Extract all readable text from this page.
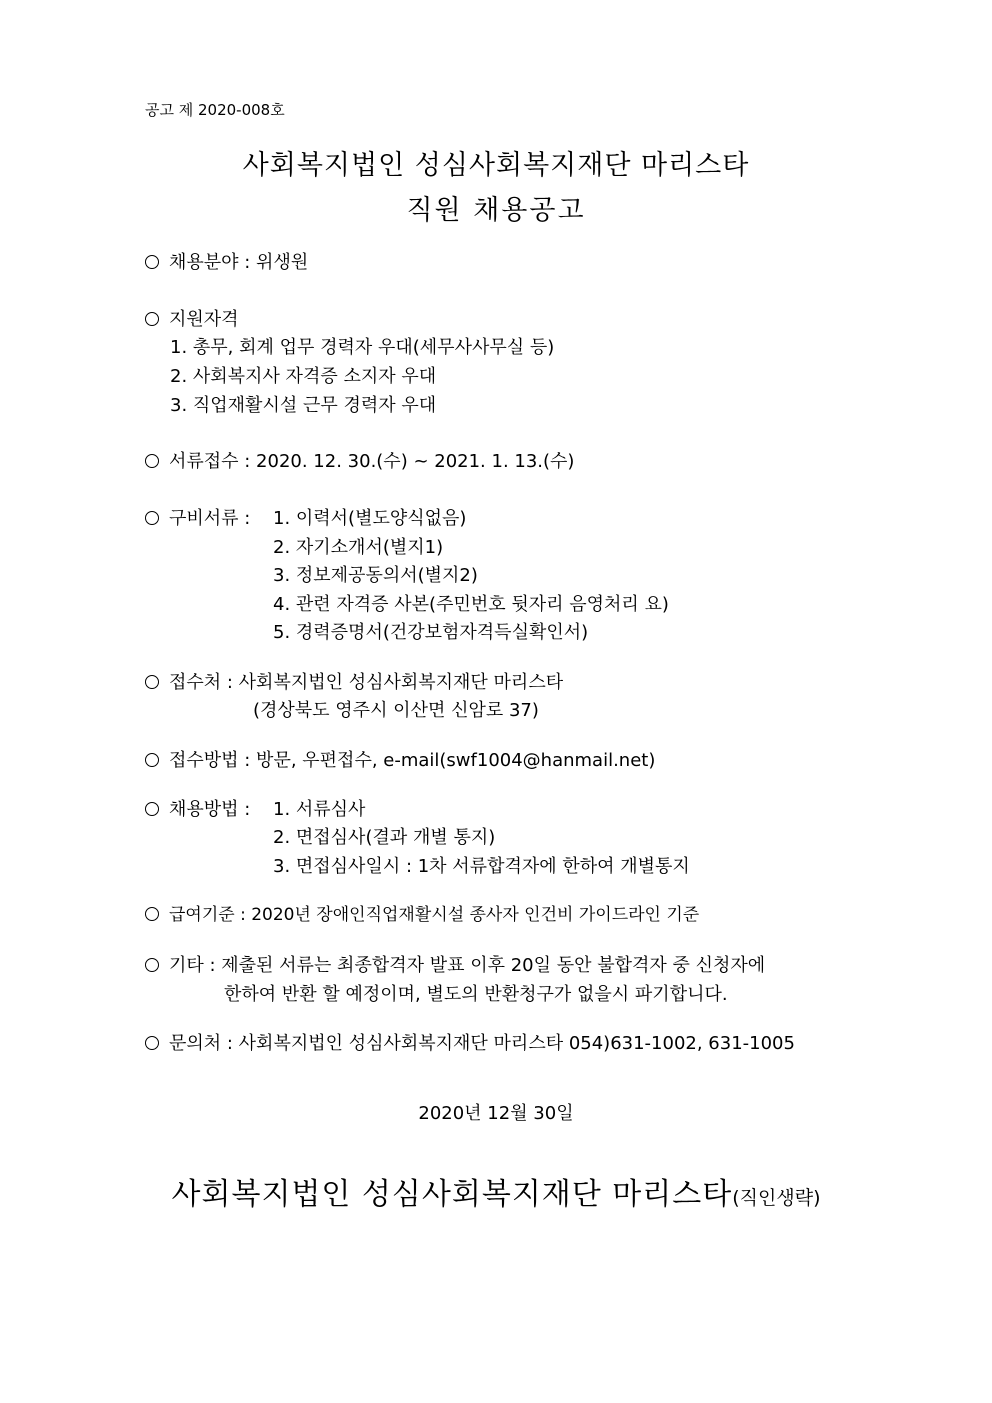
공고 제 2020-008호
사회복지법인 성심사회복지재단 마리스타
직원 채용공고
채용분야 : 위생원
지원자격
1. 총무, 회계 업무 경력자 우대(세무사사무실 등)
2. 사회복지사 자격증 소지자 우대
3. 직업재활시설 근무 경력자 우대
서류접수 : 2020. 12. 30.(수) ~ 2021. 1. 13.(수)
구비서류 : 1. 이력서(별도양식없음)
2. 자기소개서(별지1)
3. 정보제공동의서(별지2)
4. 관련 자격증 사본(주민번호 뒷자리 음영처리 요)
5. 경력증명서(건강보험자격득실확인서)
접수처 : 사회복지법인 성심사회복지재단 마리스타
(경상북도 영주시 이산면 신암로 37)
접수방법 : 방문, 우편접수, e-mail(swf1004@hanmail.net)
채용방법 : 1. 서류심사
2. 면접심사(결과 개별 통지)
3. 면접심사일시 : 1차 서류합격자에 한하여 개별통지
급여기준 : 2020년 장애인직업재활시설 종사자 인건비 가이드라인 기준
기타 : 제출된 서류는 최종합격자 발표 이후 20일 동안 불합격자 중 신청자에
한하여 반환 할 예정이며, 별도의 반환청구가 없을시 파기합니다.
문의처 : 사회복지법인 성심사회복지재단 마리스타 054)631-1002, 631-1005
2020년 12월 30일
사회복지법인 성심사회복지재단 마리스타(직인생략)
